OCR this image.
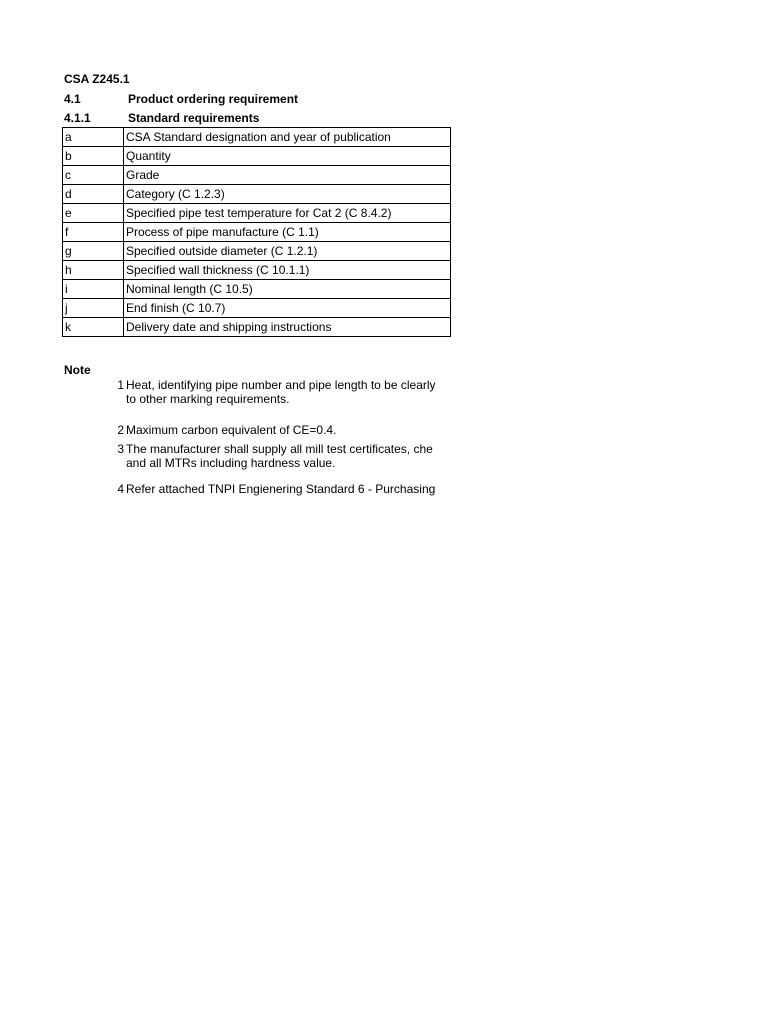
CSA Z245.1
4.1	Product ordering requirement
4.1.1	Standard requirements
a	CSA Standard designation and year of publication
b	Quantity
c	Grade
d	Category (C 1.2.3)
e	Specified pipe test temperature for Cat 2 (C 8.4.2)
f	Process of pipe manufacture (C 1.1)
g	Specified outside diameter (C 1.2.1)
h	Specified wall thickness (C 10.1.1)
i	Nominal length (C 10.5)
j	End finish (C 10.7)
k	Delivery date and shipping instructions
Note
1 Heat, identifying pipe number and pipe length to be clearly
to other marking requirements.
2 Maximum carbon equivalent of CE=0.4.
3 The manufacturer shall supply all mill test certificates, che
and all MTRs including hardness value.
4 Refer attached TNPI Engienering Standard 6 - Purchasing
